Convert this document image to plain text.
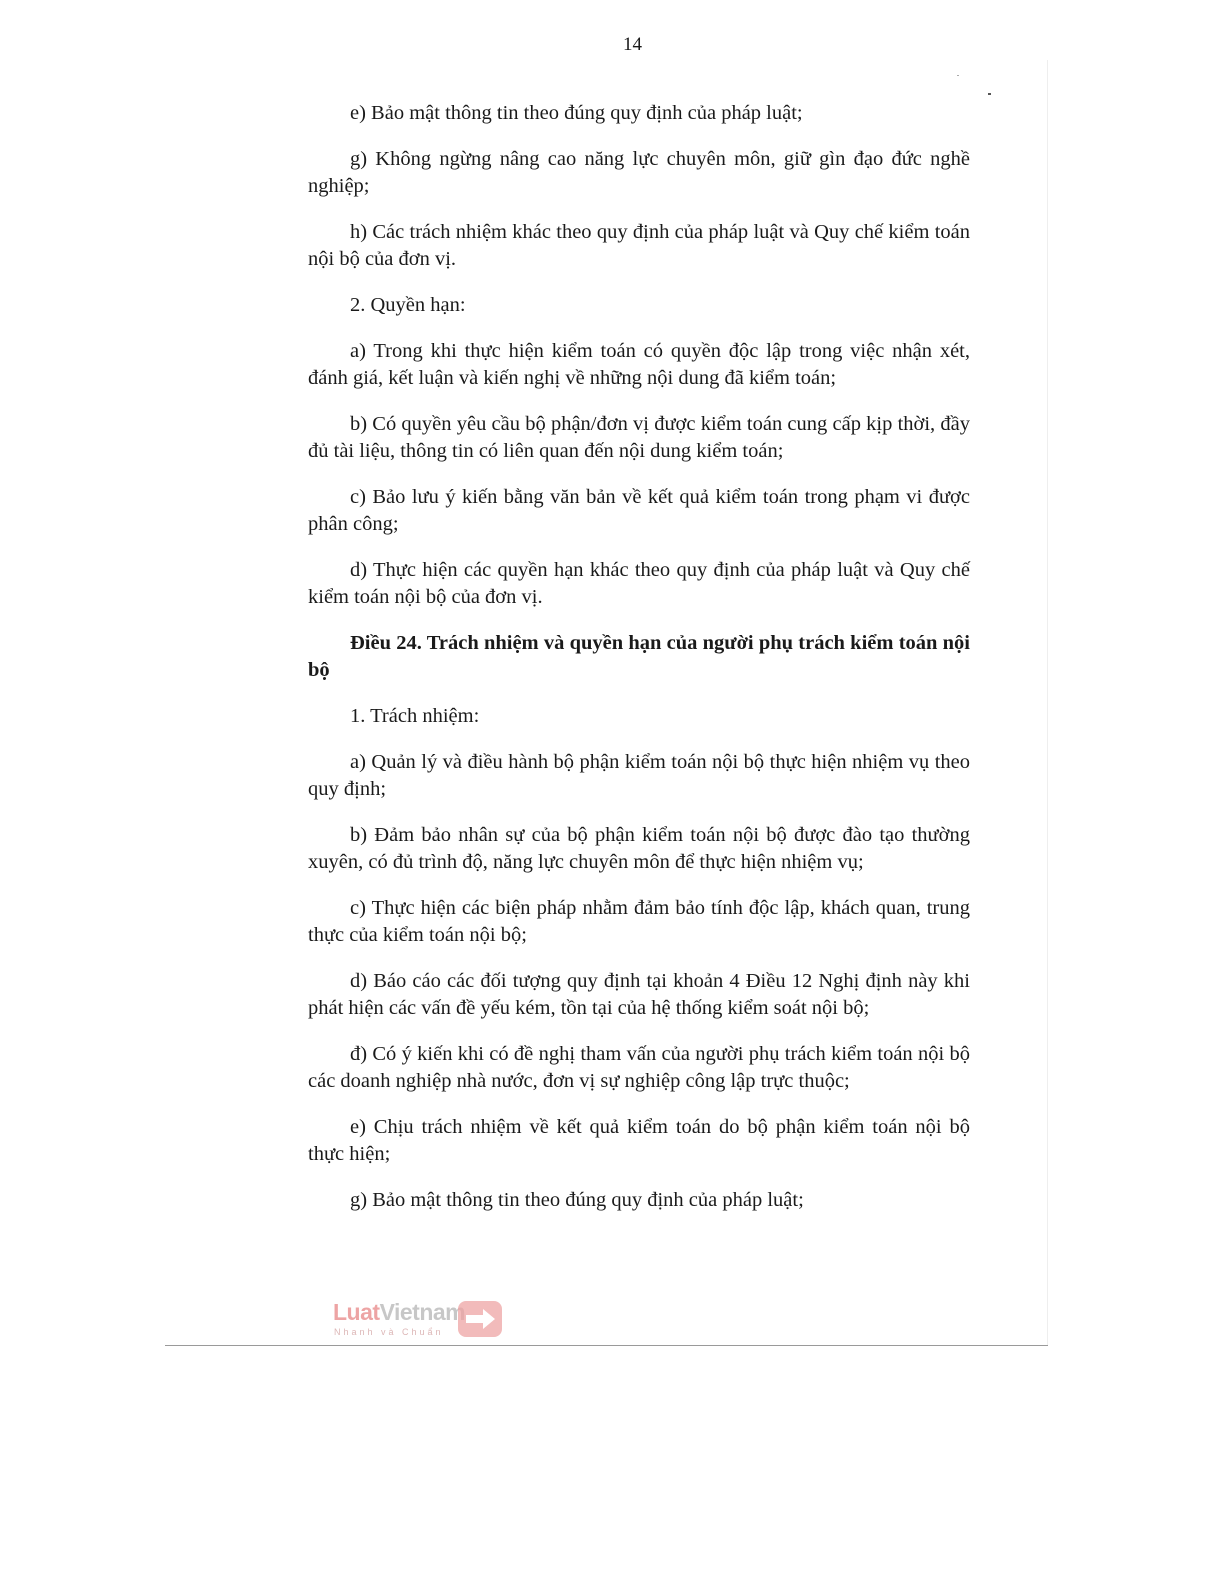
14

e) Bảo mật thông tin theo đúng quy định của pháp luật;

g) Không ngừng nâng cao năng lực chuyên môn, giữ gìn đạo đức nghề nghiệp;

h) Các trách nhiệm khác theo quy định của pháp luật và Quy chế kiểm toán nội bộ của đơn vị.

2. Quyền hạn:

a) Trong khi thực hiện kiểm toán có quyền độc lập trong việc nhận xét, đánh giá, kết luận và kiến nghị về những nội dung đã kiểm toán;

b) Có quyền yêu cầu bộ phận/đơn vị được kiểm toán cung cấp kịp thời, đầy đủ tài liệu, thông tin có liên quan đến nội dung kiểm toán;

c) Bảo lưu ý kiến bằng văn bản về kết quả kiểm toán trong phạm vi được phân công;

d) Thực hiện các quyền hạn khác theo quy định của pháp luật và Quy chế kiểm toán nội bộ của đơn vị.

Điều 24. Trách nhiệm và quyền hạn của người phụ trách kiểm toán nội bộ

1. Trách nhiệm:

a) Quản lý và điều hành bộ phận kiểm toán nội bộ thực hiện nhiệm vụ theo quy định;

b) Đảm bảo nhân sự của bộ phận kiểm toán nội bộ được đào tạo thường xuyên, có đủ trình độ, năng lực chuyên môn để thực hiện nhiệm vụ;

c) Thực hiện các biện pháp nhằm đảm bảo tính độc lập, khách quan, trung thực của kiểm toán nội bộ;

d) Báo cáo các đối tượng quy định tại khoản 4 Điều 12 Nghị định này khi phát hiện các vấn đề yếu kém, tồn tại của hệ thống kiểm soát nội bộ;

đ) Có ý kiến khi có đề nghị tham vấn của người phụ trách kiểm toán nội bộ các doanh nghiệp nhà nước, đơn vị sự nghiệp công lập trực thuộc;

e) Chịu trách nhiệm về kết quả kiểm toán do bộ phận kiểm toán nội bộ thực hiện;

g) Bảo mật thông tin theo đúng quy định của pháp luật;

LuatVietnam
Nhanh và Chuẩn
